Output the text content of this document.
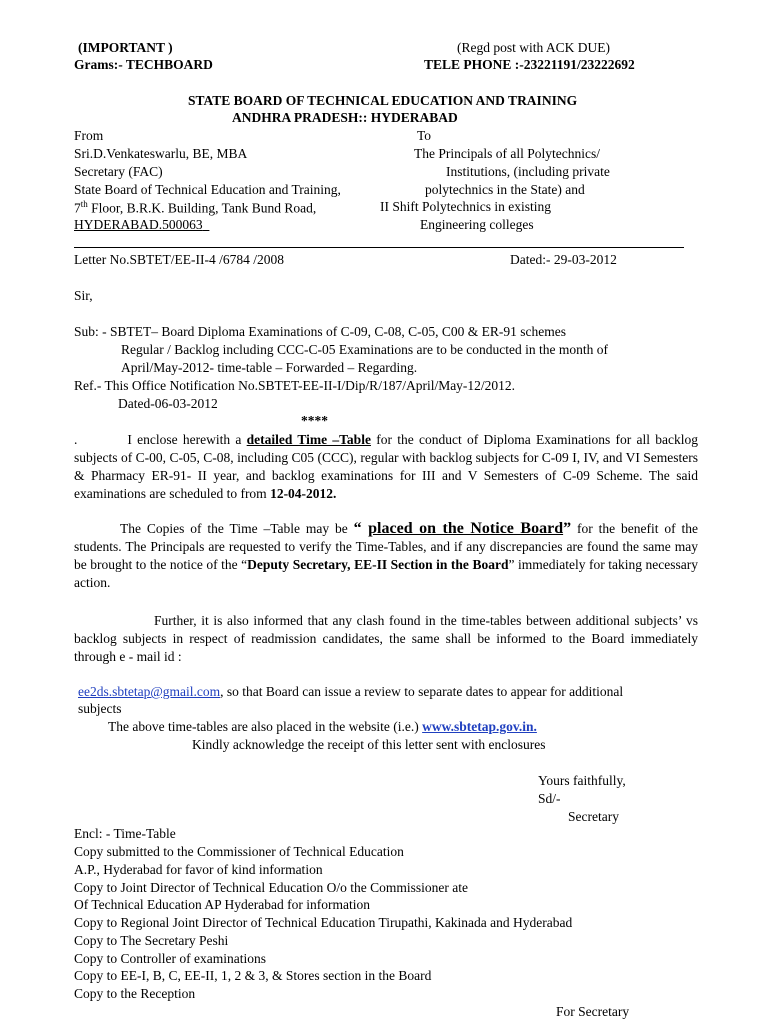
(IMPORTANT )	(Regd post with ACK DUE)
Grams:- TECHBOARD	TELE PHONE :-23221191/23222692
STATE BOARD OF TECHNICAL EDUCATION AND TRAINING
ANDHRA PRADESH:: HYDERABAD
From
Sri.D.Venkateswarlu, BE, MBA
Secretary (FAC)
State Board of Technical Education and Training,
7th Floor, B.R.K. Building, Tank Bund Road,
HYDERABAD.500063
To
The Principals of all Polytechnics/
Institutions, (including private
polytechnics in the State) and
II Shift Polytechnics in existing
Engineering colleges
Letter No.SBTET/EE-II-4 /6784 /2008	Dated:- 29-03-2012
Sir,
Sub: - SBTET– Board Diploma Examinations of C-09, C-08, C-05, C00 & ER-91 schemes
Regular / Backlog including CCC-C-05 Examinations are to be conducted in the month of
April/May-2012- time-table – Forwarded – Regarding.
Ref.- This Office Notification No.SBTET-EE-II-I/Dip/R/187/April/May-12/2012.
Dated-06-03-2012
****
.	I enclose herewith a detailed Time –Table for the conduct of Diploma Examinations for all backlog subjects of C-00, C-05, C-08, including C05 (CCC), regular with backlog subjects for C-09 I, IV, and VI Semesters & Pharmacy ER-91- II year, and backlog examinations for III and V Semesters of C-09 Scheme. The said examinations are scheduled to from 12-04-2012.
The Copies of the Time –Table may be “ placed on the Notice Board” for the benefit of the students. The Principals are requested to verify the Time-Tables, and if any discrepancies are found the same may be brought to the notice of the “Deputy Secretary, EE-II Section in the Board” immediately for taking necessary action.
Further, it is also informed that any clash found in the time-tables between additional subjects’ vs backlog subjects in respect of readmission candidates, the same shall be informed to the Board immediately through e - mail id :
ee2ds.sbtetap@gmail.com, so that Board can issue a review to separate dates to appear for additional
subjects
The above time-tables are also placed in the website (i.e.) www.sbtetap.gov.in.
Kindly acknowledge the receipt of this letter sent with enclosures
Yours faithfully,
Sd/-
Secretary
Encl: - Time-Table
Copy submitted to the Commissioner of Technical Education
A.P., Hyderabad for favor of kind information
Copy to Joint Director of Technical Education O/o the Commissioner ate
Of Technical Education AP Hyderabad for information
Copy to Regional Joint Director of Technical Education Tirupathi, Kakinada and Hyderabad
Copy to The Secretary Peshi
Copy to Controller of examinations
Copy to EE-I, B, C, EE-II, 1, 2 & 3, & Stores section in the Board
Copy to the Reception
For Secretary
